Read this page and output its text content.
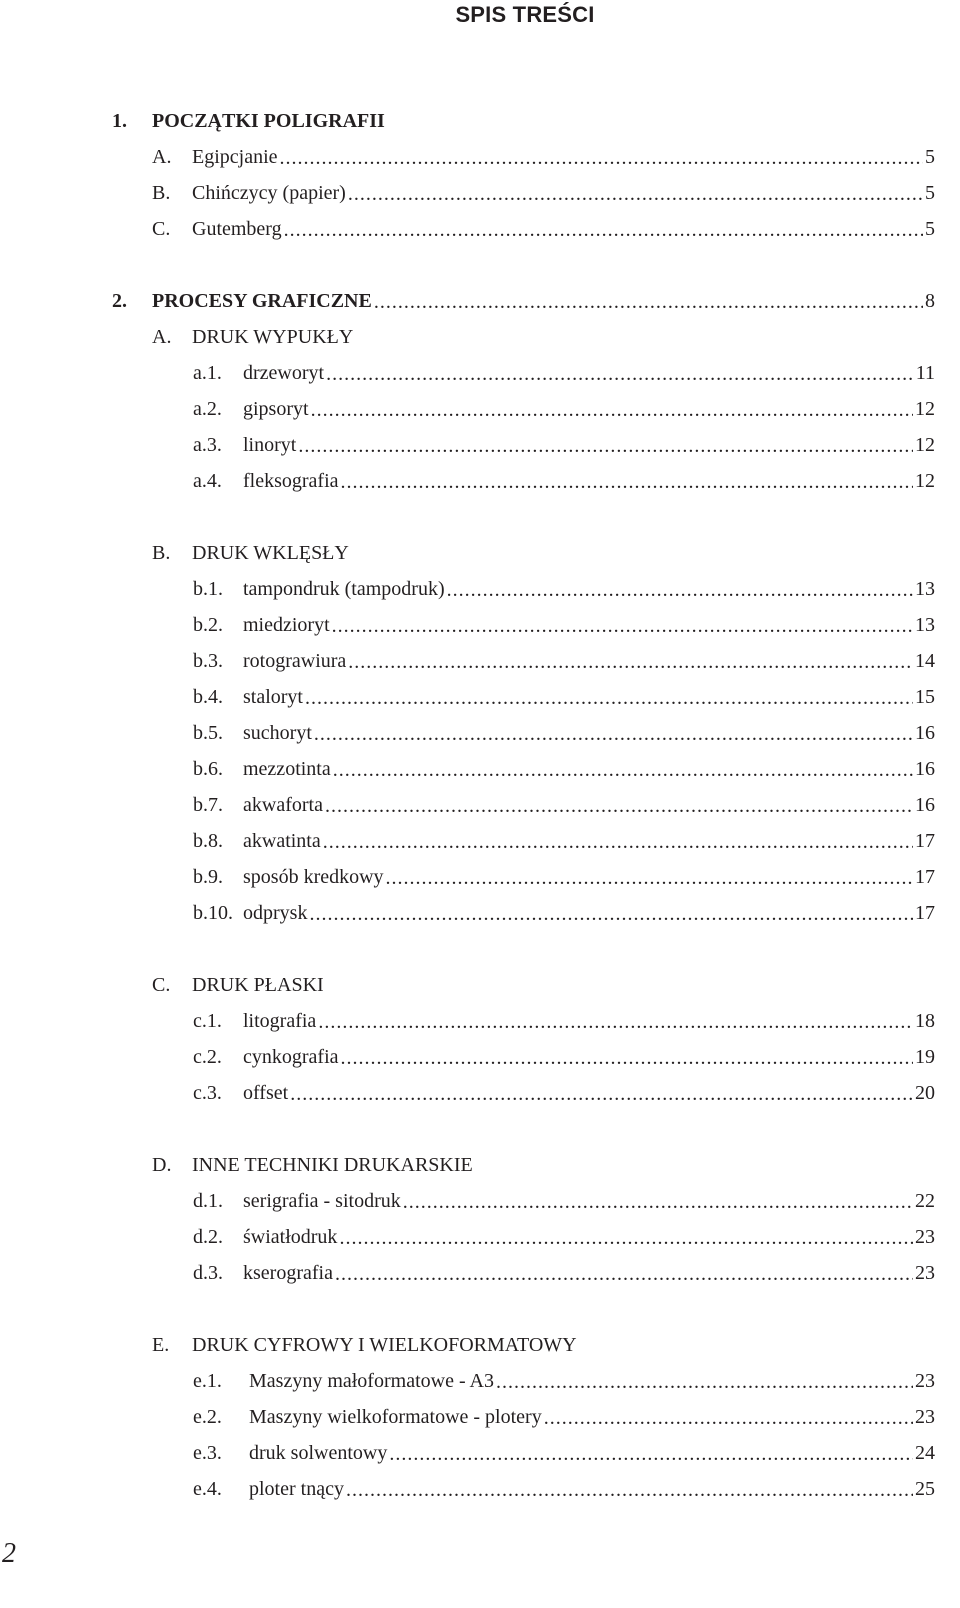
SPIS TREŚCI
1.	POCZĄTKI POLIGRAFII
A.	Egipcjanie . . .	5
B.	Chińczycy (papier) . . .	5
C.	Gutemberg . . .	5
2.	PROCESY GRAFICZNE . . .	8
A.	DRUK WYPUKŁY
a.1.	drzeworyt . . .	11
a.2.	gipsoryt . . .	12
a.3.	linoryt . . .	12
a.4.	fleksografia . . .	12
B.	DRUK WKLĘSŁY
b.1.	tampondruk (tampodruk) . . .	13
b.2.	miedzioryt . . .	13
b.3.	rotograwiura . . .	14
b.4.	staloryt . . .	15
b.5.	suchoryt . . .	16
b.6.	mezzotinta . . .	16
b.7.	akwaforta . . .	16
b.8.	akwatinta . . .	17
b.9.	sposób kredkowy . . .	17
b.10. odprysk . . .	17
C.	DRUK PŁASKI
c.1.	litografia . . .	18
c.2.	cynkografia . . .	19
c.3.	offset . . .	20
D.	INNE TECHNIKI DRUKARSKIE
d.1.	serigrafia - sitodruk . . .	22
d.2.	światłodruk . . .	23
d.3.	kserografia . . .	23
E.	DRUK CYFROWY I WIELKOFORMATOWY
e.1.	Maszyny małoformatowe - A3 . . .	23
e.2.	Maszyny wielkoformatowe - plotery . . .	23
e.3.	druk solwentowy . . .	24
e.4.	ploter tnący . . .	25
2
